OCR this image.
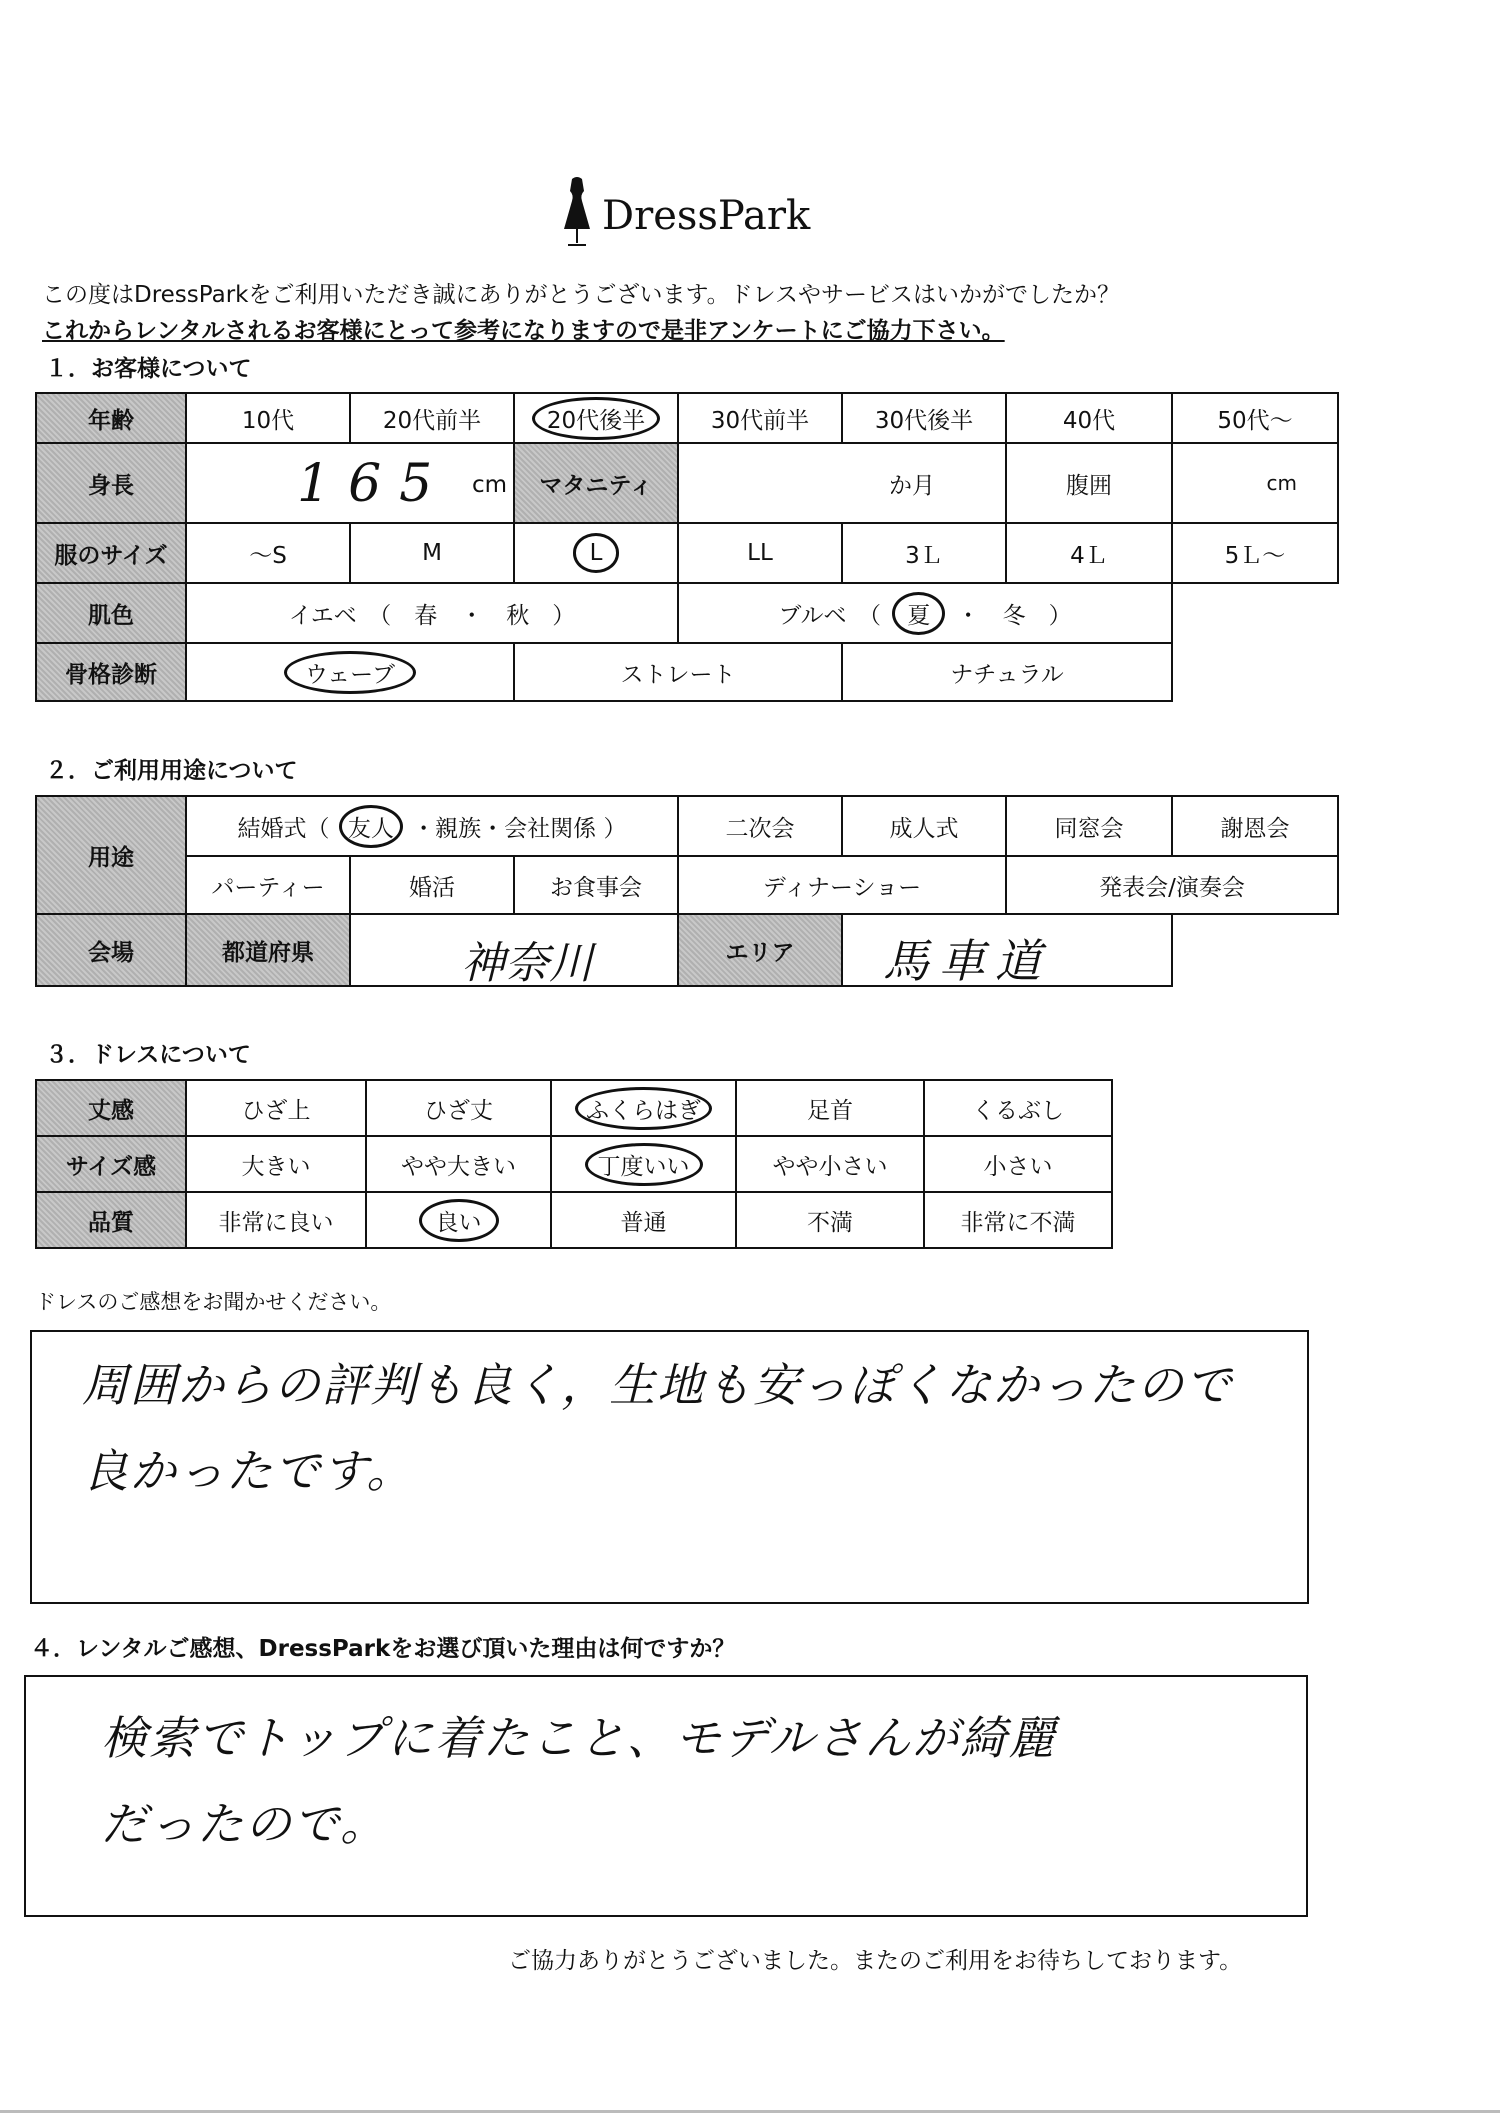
DressPark
この度はDressParkをご利用いただき誠にありがとうございます。ドレスやサービスはいかがでしたか？
これからレンタルされるお客様にとって参考になりますので是非アンケートにご協力下さい。
１．お客様について
年齢	10代	20代前半	20代後半	30代前半	30代後半	40代	50代～
身長	165 cm		マタニティ	か月		腹囲	cm
服のサイズ	～S	M	L	LL	3Ｌ	4Ｌ	5Ｌ～
肌色	イエベ　（　春　・　秋　）			ブルベ　（ 夏 ・　冬　）			
骨格診断	ウェーブ		ストレート		ナチュラル		
２．ご利用用途について
用途	結婚式（ 友人 ・親族・会社関係 ）			二次会	成人式	同窓会	謝恩会
	パーティー	婚活	お食事会	ディナーショー		発表会/演奏会	
会場	都道府県	神奈川		エリア	馬車道		

３．ドレスについて
丈感	ひざ上	ひざ丈	ふくらはぎ	足首	くるぶし
サイズ感	大きい	やや大きい	丁度いい	やや小さい	小さい
品質	非常に良い	良い	普通	不満	非常に不満
ドレスのご感想をお聞かせください。
周囲からの評判も良く，生地も安っぽくなかったので
良かったです。
４．レンタルご感想、DressParkをお選び頂いた理由は何ですか？
検索でトップに着たこと、モデルさんが綺麗
だったので。
ご協力ありがとうございました。またのご利用をお待ちしております。
